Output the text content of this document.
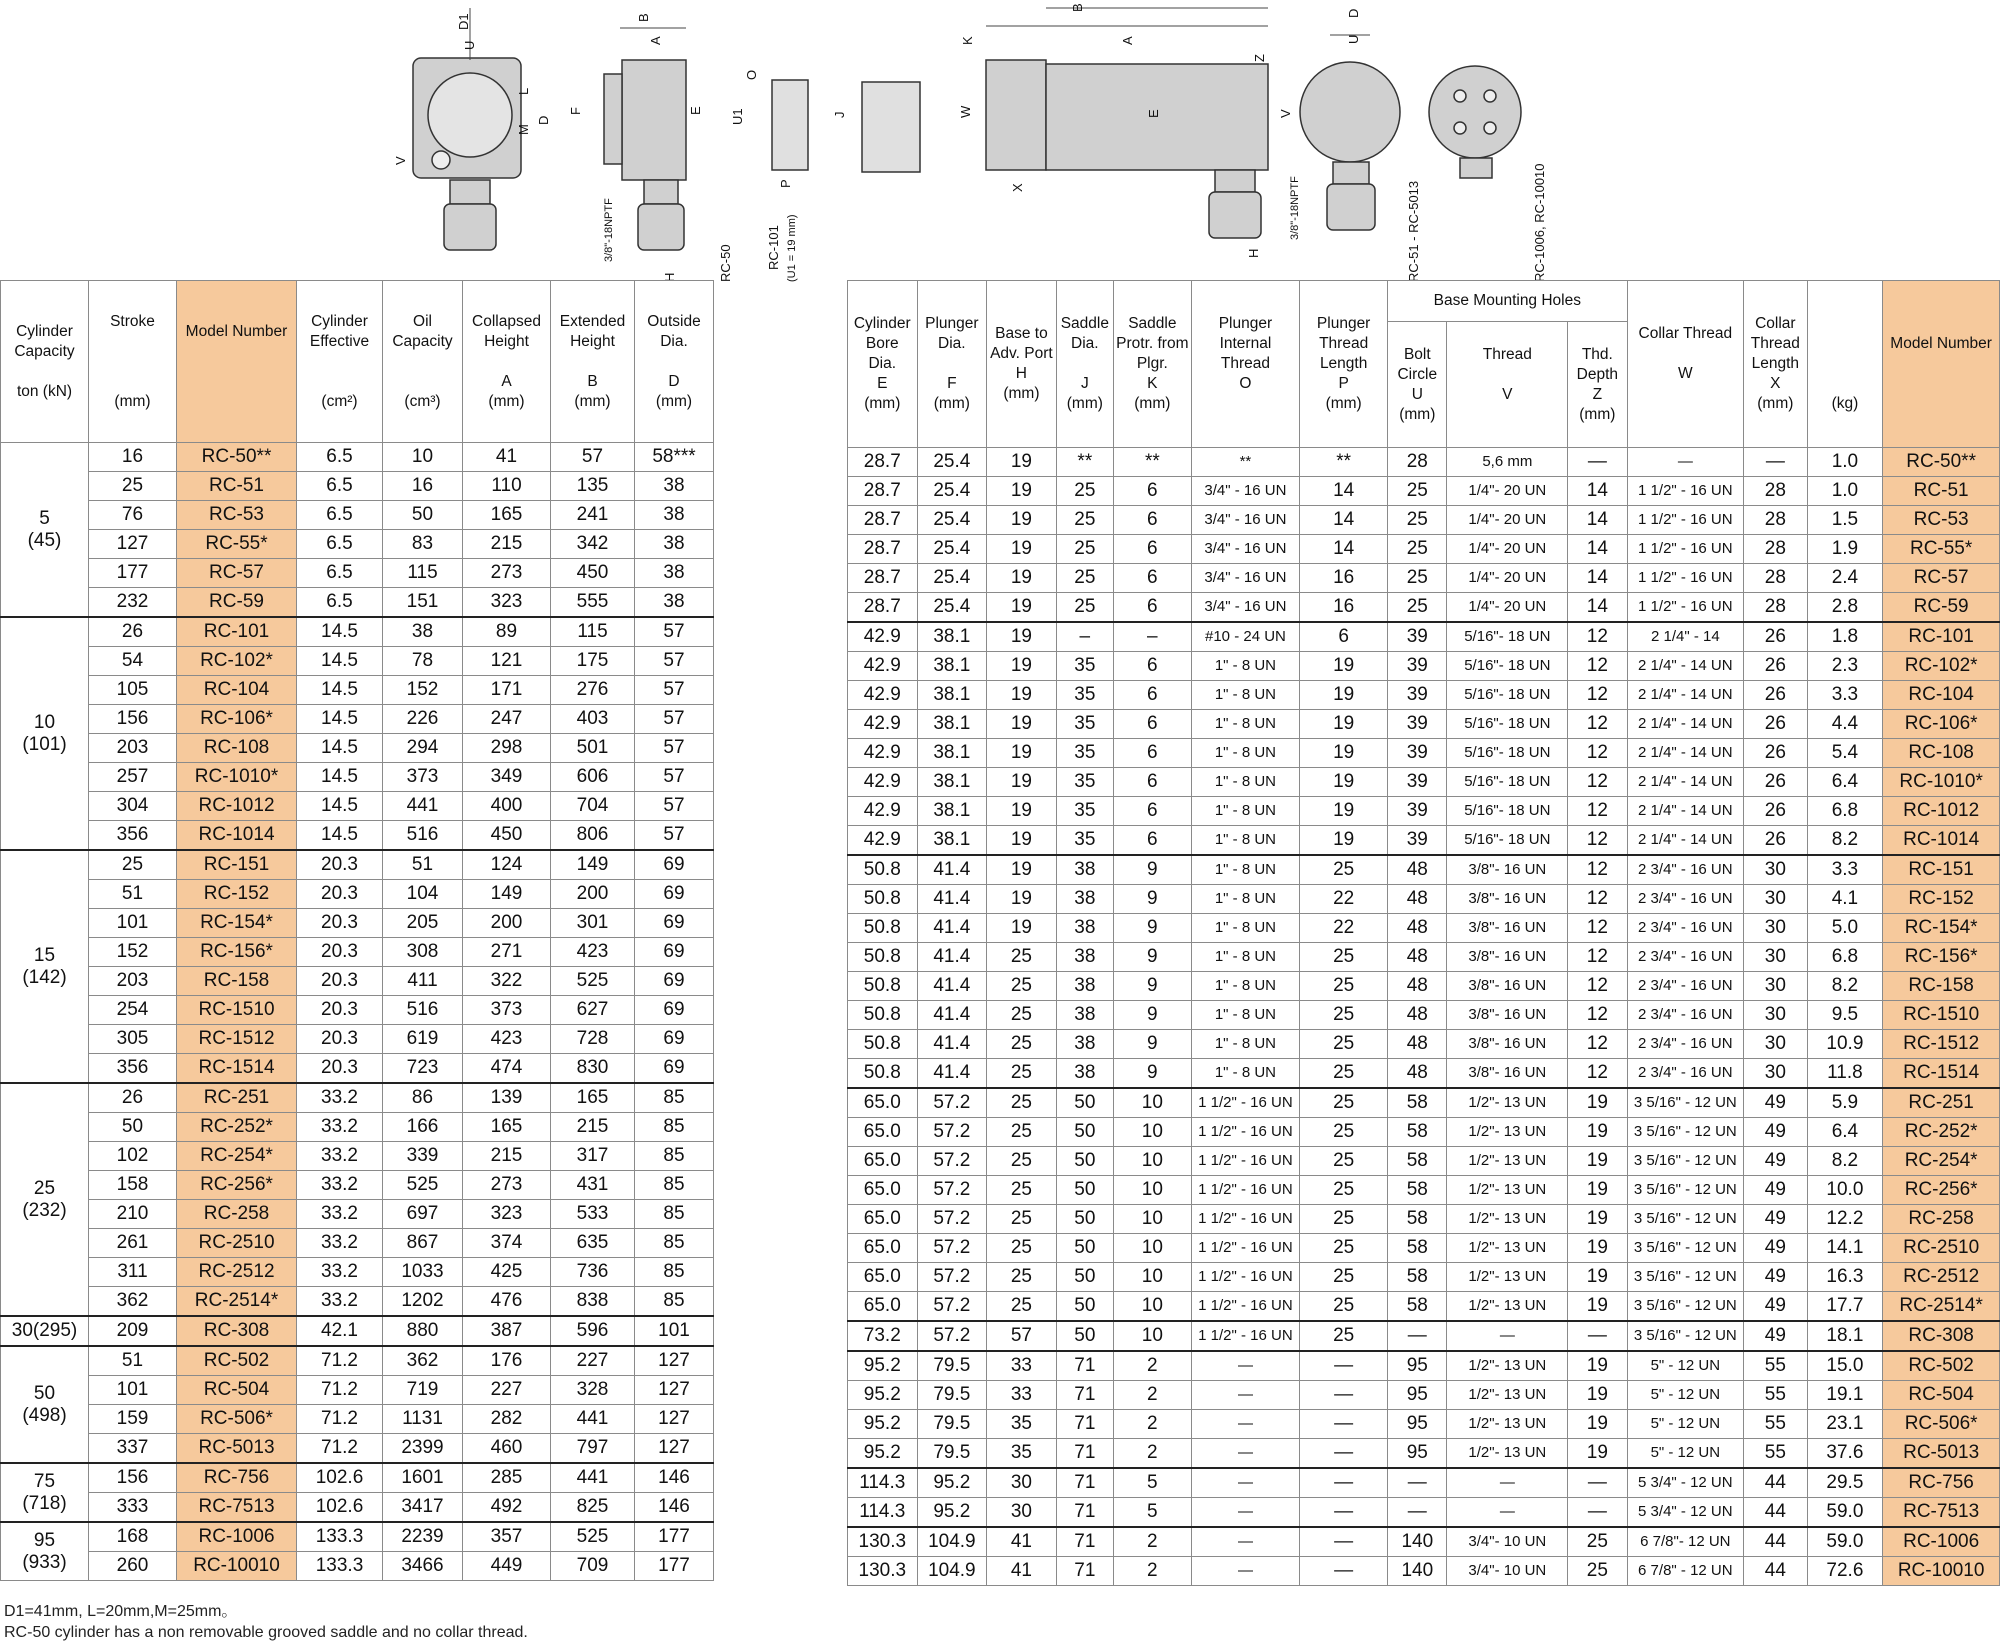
D1
U
L
M
D
V
F
B
A
E
H
O
U1
P
J	W
K
Z
X
B
A
E
H
D
U
V
RC-50	RC-101 (U1 = 19 mm)
3/8"-18NPTF	3/8"-18NPTF	RC-51 - RC-5013	RC-1006, RC-10010
Cylinder Capacity

ton (kN)	Stroke

(mm)	Model Number	Cylinder Effective

(cm²)	Oil Capacity

(cm³)	Collapsed Height

A
(mm)	Extended Height

B
(mm)	Outside Dia.

D
(mm)
5
(45)	16	RC-50**	6.5	10	41	57	58***
	25	RC-51	6.5	16	110	135	38
	76	RC-53	6.5	50	165	241	38
	127	RC-55*	6.5	83	215	342	38
	177	RC-57	6.5	115	273	450	38
	232	RC-59	6.5	151	323	555	38
10
(101)	26	RC-101	14.5	38	89	115	57
	54	RC-102*	14.5	78	121	175	57
	105	RC-104	14.5	152	171	276	57
	156	RC-106*	14.5	226	247	403	57
	203	RC-108	14.5	294	298	501	57
	257	RC-1010*	14.5	373	349	606	57
	304	RC-1012	14.5	441	400	704	57
	356	RC-1014	14.5	516	450	806	57
15
(142)	25	RC-151	20.3	51	124	149	69
	51	RC-152	20.3	104	149	200	69
	101	RC-154*	20.3	205	200	301	69
	152	RC-156*	20.3	308	271	423	69
	203	RC-158	20.3	411	322	525	69
	254	RC-1510	20.3	516	373	627	69
	305	RC-1512	20.3	619	423	728	69
	356	RC-1514	20.3	723	474	830	69
25
(232)	26	RC-251	33.2	86	139	165	85
	50	RC-252*	33.2	166	165	215	85
	102	RC-254*	33.2	339	215	317	85
	158	RC-256*	33.2	525	273	431	85
	210	RC-258	33.2	697	323	533	85
	261	RC-2510	33.2	867	374	635	85
	311	RC-2512	33.2	1033	425	736	85
	362	RC-2514*	33.2	1202	476	838	85
30(295)	209	RC-308	42.1	880	387	596	101
50
(498)	51	RC-502	71.2	362	176	227	127
	101	RC-504	71.2	719	227	328	127
	159	RC-506*	71.2	1131	282	441	127
	337	RC-5013	71.2	2399	460	797	127
75
(718)	156	RC-756	102.6	1601	285	441	146
	333	RC-7513	102.6	3417	492	825	146
95
(933)	168	RC-1006	133.3	2239	357	525	177
	260	RC-10010	133.3	3466	449	709	177
Cylinder Bore Dia.
E
(mm)	Plunger Dia.

F
(mm)	Base to Adv. Port
H
(mm)	Saddle Dia.

J
(mm)	Saddle Protr. from Plgr.
K
(mm)	Plunger Internal Thread
O	Plunger Thread Length
P
(mm)	Base Mounting Holes			Collar Thread

W	Collar Thread Length
X
(mm)	(kg)	Model Number

							Bolt Circle
U
(mm)	Thread

V	Thd. Depth
Z
(mm)				
28.7	25.4	19	**	**	**	**	28	5,6 mm	—	—	—	1.0	RC-50**
28.7	25.4	19	25	6	3/4" - 16 UN	14	25	1/4"- 20 UN	14	1 1/2" - 16 UN	28	1.0	RC-51
28.7	25.4	19	25	6	3/4" - 16 UN	14	25	1/4"- 20 UN	14	1 1/2" - 16 UN	28	1.5	RC-53
28.7	25.4	19	25	6	3/4" - 16 UN	14	25	1/4"- 20 UN	14	1 1/2" - 16 UN	28	1.9	RC-55*
28.7	25.4	19	25	6	3/4" - 16 UN	16	25	1/4"- 20 UN	14	1 1/2" - 16 UN	28	2.4	RC-57
28.7	25.4	19	25	6	3/4" - 16 UN	16	25	1/4"- 20 UN	14	1 1/2" - 16 UN	28	2.8	RC-59
42.9	38.1	19	–	–	#10 - 24 UN	6	39	5/16"- 18 UN	12	2 1/4" - 14	26	1.8	RC-101
42.9	38.1	19	35	6	1" - 8 UN	19	39	5/16"- 18 UN	12	2 1/4" - 14 UN	26	2.3	RC-102*
42.9	38.1	19	35	6	1" - 8 UN	19	39	5/16"- 18 UN	12	2 1/4" - 14 UN	26	3.3	RC-104
42.9	38.1	19	35	6	1" - 8 UN	19	39	5/16"- 18 UN	12	2 1/4" - 14 UN	26	4.4	RC-106*
42.9	38.1	19	35	6	1" - 8 UN	19	39	5/16"- 18 UN	12	2 1/4" - 14 UN	26	5.4	RC-108
42.9	38.1	19	35	6	1" - 8 UN	19	39	5/16"- 18 UN	12	2 1/4" - 14 UN	26	6.4	RC-1010*
42.9	38.1	19	35	6	1" - 8 UN	19	39	5/16"- 18 UN	12	2 1/4" - 14 UN	26	6.8	RC-1012
42.9	38.1	19	35	6	1" - 8 UN	19	39	5/16"- 18 UN	12	2 1/4" - 14 UN	26	8.2	RC-1014
50.8	41.4	19	38	9	1" - 8 UN	25	48	3/8"- 16 UN	12	2 3/4" - 16 UN	30	3.3	RC-151
50.8	41.4	19	38	9	1" - 8 UN	22	48	3/8"- 16 UN	12	2 3/4" - 16 UN	30	4.1	RC-152
50.8	41.4	19	38	9	1" - 8 UN	22	48	3/8"- 16 UN	12	2 3/4" - 16 UN	30	5.0	RC-154*
50.8	41.4	25	38	9	1" - 8 UN	25	48	3/8"- 16 UN	12	2 3/4" - 16 UN	30	6.8	RC-156*
50.8	41.4	25	38	9	1" - 8 UN	25	48	3/8"- 16 UN	12	2 3/4" - 16 UN	30	8.2	RC-158
50.8	41.4	25	38	9	1" - 8 UN	25	48	3/8"- 16 UN	12	2 3/4" - 16 UN	30	9.5	RC-1510
50.8	41.4	25	38	9	1" - 8 UN	25	48	3/8"- 16 UN	12	2 3/4" - 16 UN	30	10.9	RC-1512
50.8	41.4	25	38	9	1" - 8 UN	25	48	3/8"- 16 UN	12	2 3/4" - 16 UN	30	11.8	RC-1514
65.0	57.2	25	50	10	1 1/2" - 16 UN	25	58	1/2"- 13 UN	19	3 5/16" - 12 UN	49	5.9	RC-251
65.0	57.2	25	50	10	1 1/2" - 16 UN	25	58	1/2"- 13 UN	19	3 5/16" - 12 UN	49	6.4	RC-252*
65.0	57.2	25	50	10	1 1/2" - 16 UN	25	58	1/2"- 13 UN	19	3 5/16" - 12 UN	49	8.2	RC-254*
65.0	57.2	25	50	10	1 1/2" - 16 UN	25	58	1/2"- 13 UN	19	3 5/16" - 12 UN	49	10.0	RC-256*
65.0	57.2	25	50	10	1 1/2" - 16 UN	25	58	1/2"- 13 UN	19	3 5/16" - 12 UN	49	12.2	RC-258
65.0	57.2	25	50	10	1 1/2" - 16 UN	25	58	1/2"- 13 UN	19	3 5/16" - 12 UN	49	14.1	RC-2510
65.0	57.2	25	50	10	1 1/2" - 16 UN	25	58	1/2"- 13 UN	19	3 5/16" - 12 UN	49	16.3	RC-2512
65.0	57.2	25	50	10	1 1/2" - 16 UN	25	58	1/2"- 13 UN	19	3 5/16" - 12 UN	49	17.7	RC-2514*
73.2	57.2	57	50	10	1 1/2" - 16 UN	25	—	—	—	3 5/16" - 12 UN	49	18.1	RC-308
95.2	79.5	33	71	2	—	—	95	1/2"- 13 UN	19	5" - 12 UN	55	15.0	RC-502
95.2	79.5	33	71	2	—	—	95	1/2"- 13 UN	19	5" - 12 UN	55	19.1	RC-504
95.2	79.5	35	71	2	—	—	95	1/2"- 13 UN	19	5" - 12 UN	55	23.1	RC-506*
95.2	79.5	35	71	2	—	—	95	1/2"- 13 UN	19	5" - 12 UN	55	37.6	RC-5013
114.3	95.2	30	71	5	—	—	—	—	—	5 3/4" - 12 UN	44	29.5	RC-756
114.3	95.2	30	71	5	—	—	—	—	—	5 3/4" - 12 UN	44	59.0	RC-7513
130.3	104.9	41	71	2	—	—	140	3/4"- 10 UN	25	6 7/8"- 12 UN	44	59.0	RC-1006
130.3	104.9	41	71	2	—	—	140	3/4"- 10 UN	25	6 7/8" - 12 UN	44	72.6	RC-10010
D1=41mm, L=20mm,M=25mm。
RC-50 cylinder has a non removable grooved saddle and no collar thread.
